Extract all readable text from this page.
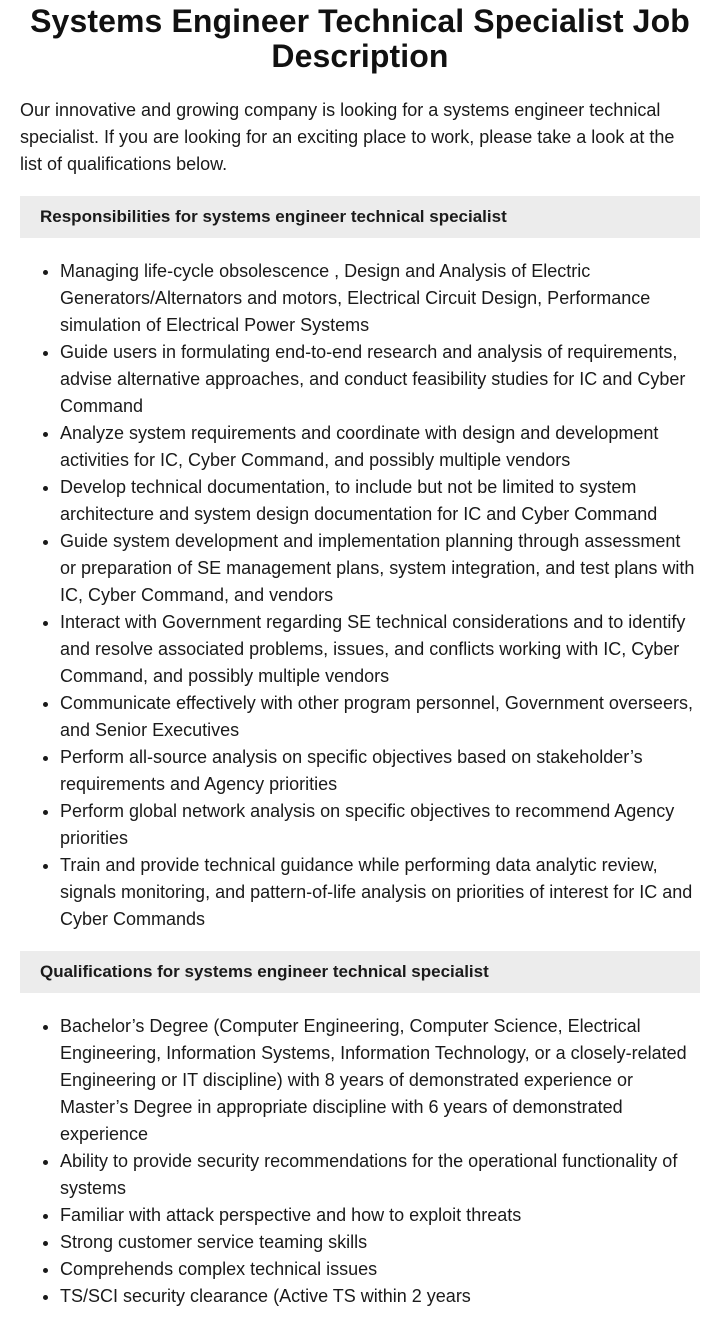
Systems Engineer Technical Specialist Job Description

Our innovative and growing company is looking for a systems engineer technical specialist. If you are looking for an exciting place to work, please take a look at the list of qualifications below.

Responsibilities for systems engineer technical specialist
• Managing life-cycle obsolescence , Design and Analysis of Electric Generators/Alternators and motors, Electrical Circuit Design, Performance simulation of Electrical Power Systems
• Guide users in formulating end-to-end research and analysis of requirements, advise alternative approaches, and conduct feasibility studies for IC and Cyber Command
• Analyze system requirements and coordinate with design and development activities for IC, Cyber Command, and possibly multiple vendors
• Develop technical documentation, to include but not be limited to system architecture and system design documentation for IC and Cyber Command
• Guide system development and implementation planning through assessment or preparation of SE management plans, system integration, and test plans with IC, Cyber Command, and vendors
• Interact with Government regarding SE technical considerations and to identify and resolve associated problems, issues, and conflicts working with IC, Cyber Command, and possibly multiple vendors
• Communicate effectively with other program personnel, Government overseers, and Senior Executives
• Perform all-source analysis on specific objectives based on stakeholder’s requirements and Agency priorities
• Perform global network analysis on specific objectives to recommend Agency priorities
• Train and provide technical guidance while performing data analytic review, signals monitoring, and pattern-of-life analysis on priorities of interest for IC and Cyber Commands
Qualifications for systems engineer technical specialist
• Bachelor’s Degree (Computer Engineering, Computer Science, Electrical Engineering, Information Systems, Information Technology, or a closely-related Engineering or IT discipline) with 8 years of demonstrated experience or Master’s Degree in appropriate discipline with 6 years of demonstrated experience
• Ability to provide security recommendations for the operational functionality of systems
• Familiar with attack perspective and how to exploit threats
• Strong customer service teaming skills
• Comprehends complex technical issues
• TS/SCI security clearance (Active TS within 2 years
